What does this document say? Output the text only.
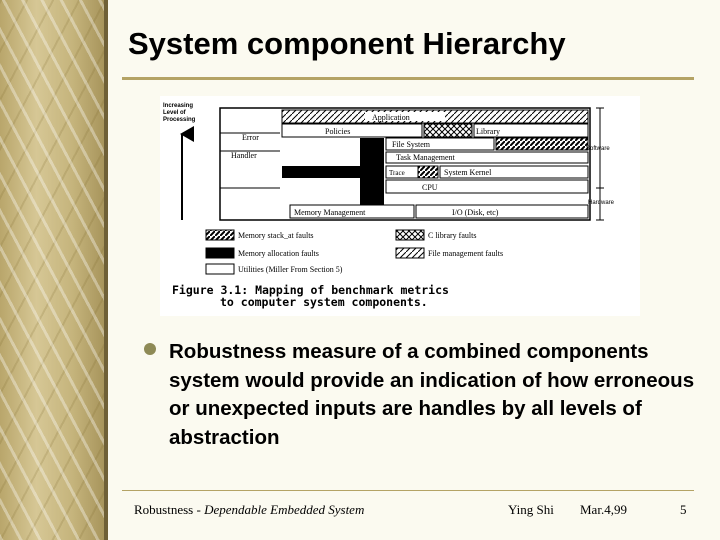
System component Hierarchy
Increasing
Level of
Processing
Error
Handler
Application
Policies	Library
File System
Task Management
Trace	System Kernel
CPU
Memory Management	I/O (Disk, etc)
Software
Hardware
Memory stack_at faults	C library faults
Memory allocation faults	File management faults
Utilities (Miller From Section 5)
Figure 3.1: Mapping of benchmark metrics
to computer system components.
Robustness measure of a combined components system would provide an indication of how erroneous or unexpected inputs are handles by all levels of abstraction
Robustness - Dependable Embedded System	Ying Shi Mar.4,99	5
